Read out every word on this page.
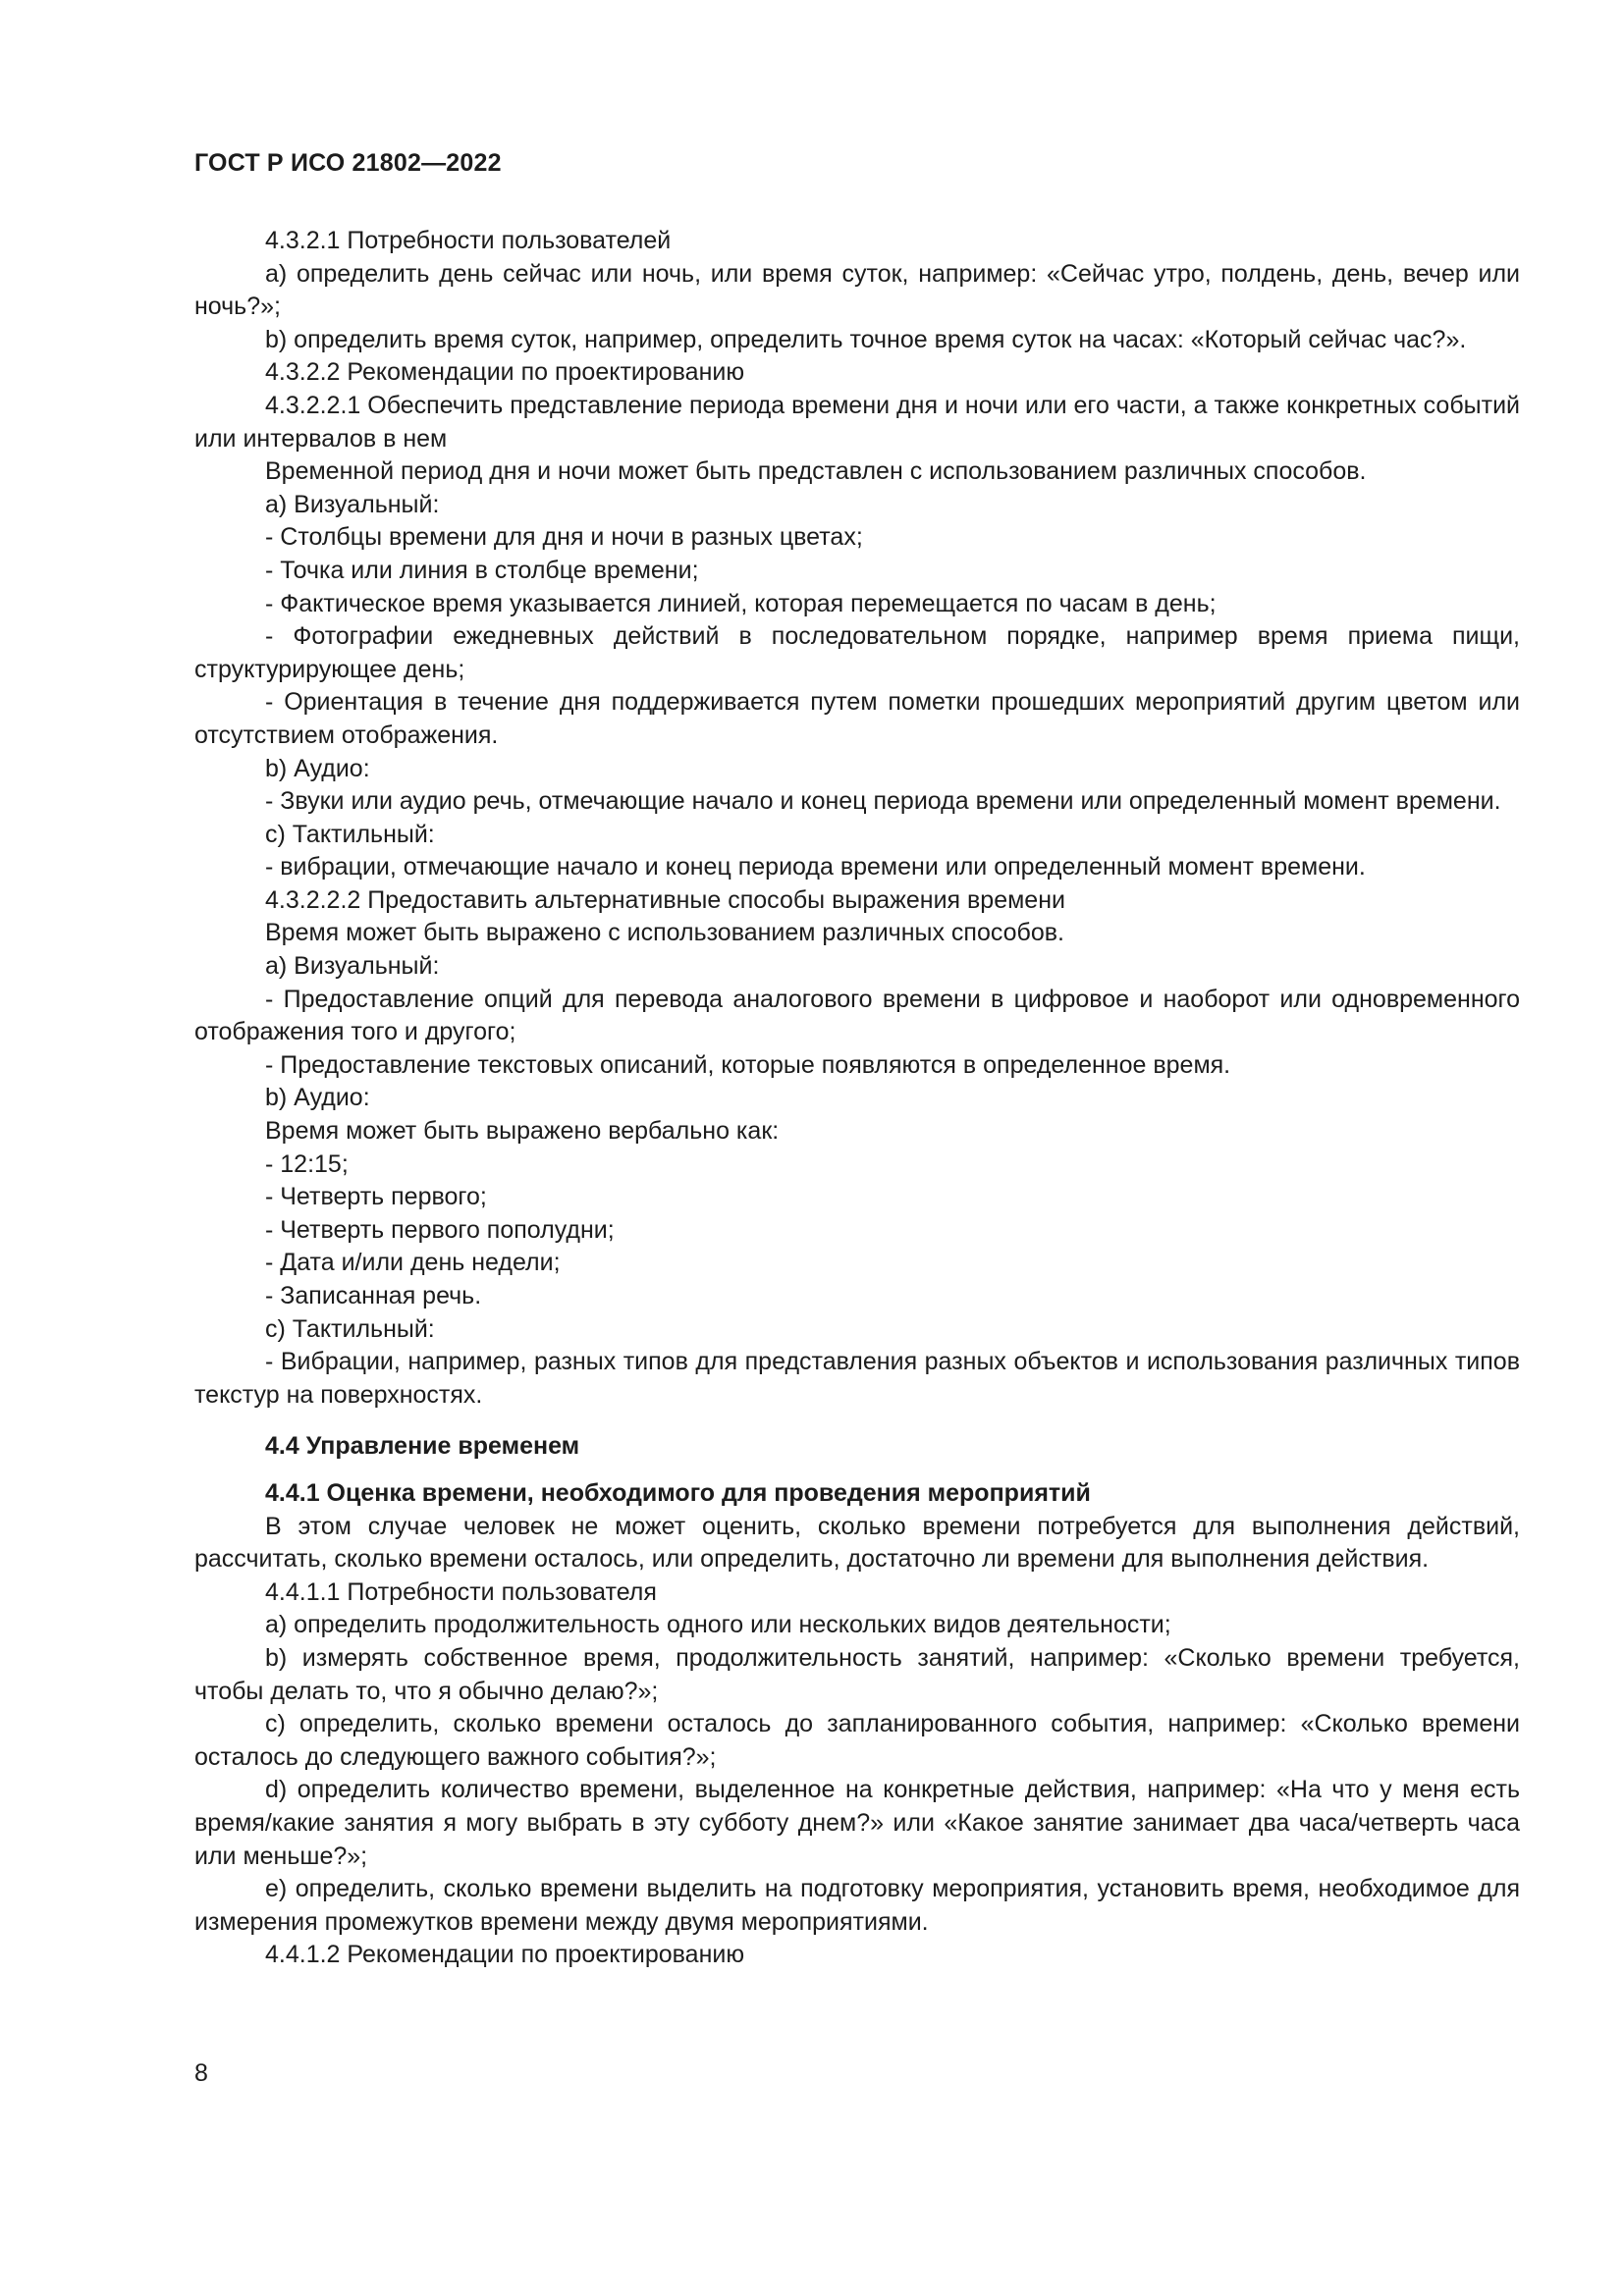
ГОСТ Р ИСО 21802—2022

4.3.2.1 Потребности пользователей

а) определить день сейчас или ночь, или время суток, например: «Сейчас утро, полдень, день, вечер или ночь?»;

b) определить время суток, например, определить точное время суток на часах: «Который сейчас час?».

4.3.2.2 Рекомендации по проектированию

4.3.2.2.1 Обеспечить представление периода времени дня и ночи или его части, а также конкретных событий или интервалов в нем

Временной период дня и ночи может быть представлен с использованием различных способов.

а) Визуальный:

- Столбцы времени для дня и ночи в разных цветах;

- Точка или линия в столбце времени;

- Фактическое время указывается линией, которая перемещается по часам в день;

- Фотографии ежедневных действий в последовательном порядке, например время приема пищи, структурирующее день;

- Ориентация в течение дня поддерживается путем пометки прошедших мероприятий другим цветом или отсутствием отображения.

b) Аудио:

- Звуки или аудио речь, отмечающие начало и конец периода времени или определенный момент времени.

с) Тактильный:

- вибрации, отмечающие начало и конец периода времени или определенный момент времени.

4.3.2.2.2 Предоставить альтернативные способы выражения времени

Время может быть выражено с использованием различных способов.

а) Визуальный:

- Предоставление опций для перевода аналогового времени в цифровое и наоборот или одновременного отображения того и другого;

- Предоставление текстовых описаний, которые появляются в определенное время.

b) Аудио:

Время может быть выражено вербально как:

- 12:15;

- Четверть первого;

- Четверть первого пополудни;

- Дата и/или день недели;

- Записанная речь.

с) Тактильный:

- Вибрации, например, разных типов для представления разных объектов и использования различных типов текстур на поверхностях.

4.4 Управление временем

4.4.1 Оценка времени, необходимого для проведения мероприятий

В этом случае человек не может оценить, сколько времени потребуется для выполнения действий, рассчитать, сколько времени осталось, или определить, достаточно ли времени для выполнения действия.

4.4.1.1 Потребности пользователя

а) определить продолжительность одного или нескольких видов деятельности;

b) измерять собственное время, продолжительность занятий, например: «Сколько времени требуется, чтобы делать то, что я обычно делаю?»;

с) определить, сколько времени осталось до запланированного события, например: «Сколько времени осталось до следующего важного события?»;

d) определить количество времени, выделенное на конкретные действия, например: «На что у меня есть время/какие занятия я могу выбрать в эту субботу днем?» или «Какое занятие занимает два часа/четверть часа или меньше?»;

е) определить, сколько времени выделить на подготовку мероприятия, установить время, необходимое для измерения промежутков времени между двумя мероприятиями.

4.4.1.2 Рекомендации по проектированию

8
